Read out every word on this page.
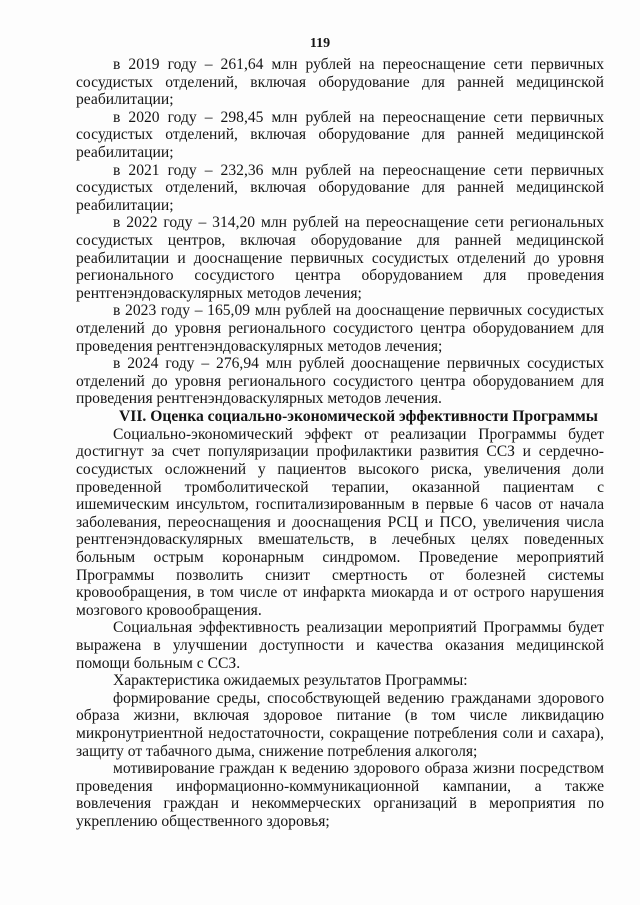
119

в 2019 году – 261,64 млн рублей на переоснащение сети первичных сосудистых отделений, включая оборудование для ранней медицинской реабилитации;

в 2020 году – 298,45 млн рублей на переоснащение сети первичных сосудистых отделений, включая оборудование для ранней медицинской реабилитации;

в 2021 году – 232,36 млн рублей на переоснащение сети первичных сосудистых отделений, включая оборудование для ранней медицинской реабилитации;

в 2022 году – 314,20 млн рублей на переоснащение сети региональных сосудистых центров, включая оборудование для ранней медицинской реабилитации и дооснащение первичных сосудистых отделений до уровня регионального сосудистого центра оборудованием для проведения рентгенэндоваскулярных методов лечения;

в 2023 году – 165,09 млн рублей на дооснащение первичных сосудистых отделений до уровня регионального сосудистого центра оборудованием для проведения рентгенэндоваскулярных методов лечения;

в 2024 году – 276,94 млн рублей дооснащение первичных сосудистых отделений до уровня регионального сосудистого центра оборудованием для проведения рентгенэндоваскулярных методов лечения.

VII. Оценка социально-экономической эффективности Программы

Социально-экономический эффект от реализации Программы будет достигнут за счет популяризации профилактики развития ССЗ и сердечно-сосудистых осложнений у пациентов высокого риска, увеличения доли проведенной тромболитической терапии, оказанной пациентам с ишемическим инсультом, госпитализированным в первые 6 часов от начала заболевания, переоснащения и дооснащения РСЦ и ПСО, увеличения числа рентгенэндоваскулярных вмешательств, в лечебных целях поведенных больным острым коронарным синдромом. Проведение мероприятий Программы позволить снизит смертность от болезней системы кровообращения, в том числе от инфаркта миокарда и от острого нарушения мозгового кровообращения.

Социальная эффективность реализации мероприятий Программы будет выражена в улучшении доступности и качества оказания медицинской помощи больным с ССЗ.

Характеристика ожидаемых результатов Программы:

формирование среды, способствующей ведению гражданами здорового образа жизни, включая здоровое питание (в том числе ликвидацию микронутриентной недостаточности, сокращение потребления соли и сахара), защиту от табачного дыма, снижение потребления алкоголя;

мотивирование граждан к ведению здорового образа жизни посредством проведения информационно-коммуникационной кампании, а также вовлечения граждан и некоммерческих организаций в мероприятия по укреплению общественного здоровья;
